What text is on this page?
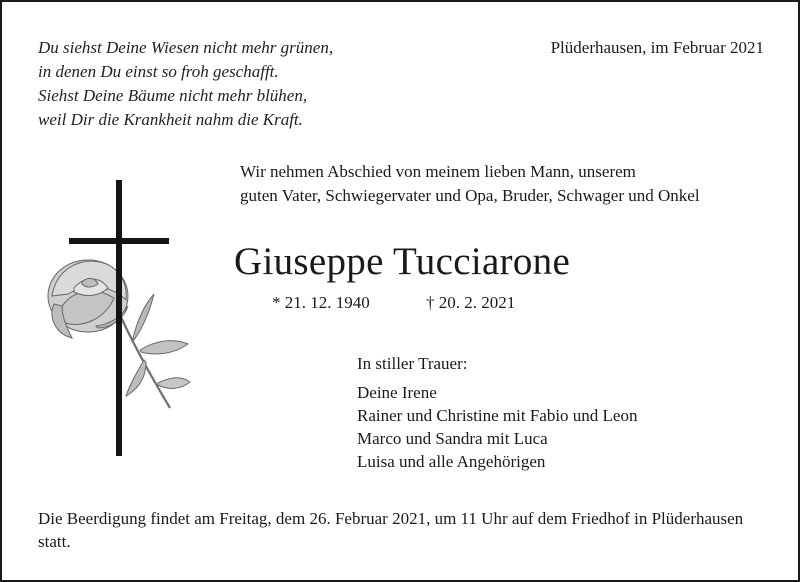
Du siehst Deine Wiesen nicht mehr grünen,
in denen Du einst so froh geschafft.
Siehst Deine Bäume nicht mehr blühen,
weil Dir die Krankheit nahm die Kraft.
Plüderhausen, im Februar 2021
Wir nehmen Abschied von meinem lieben Mann, unserem
guten Vater, Schwiegervater und Opa, Bruder, Schwager und Onkel
Giuseppe Tucciarone
* 21. 12. 1940	† 20. 2. 2021
In stiller Trauer:
Deine Irene
Rainer und Christine mit Fabio und Leon
Marco und Sandra mit Luca
Luisa und alle Angehörigen
Die Beerdigung findet am Freitag, dem 26. Februar 2021, um 11 Uhr auf dem Friedhof in Plüderhausen statt.
